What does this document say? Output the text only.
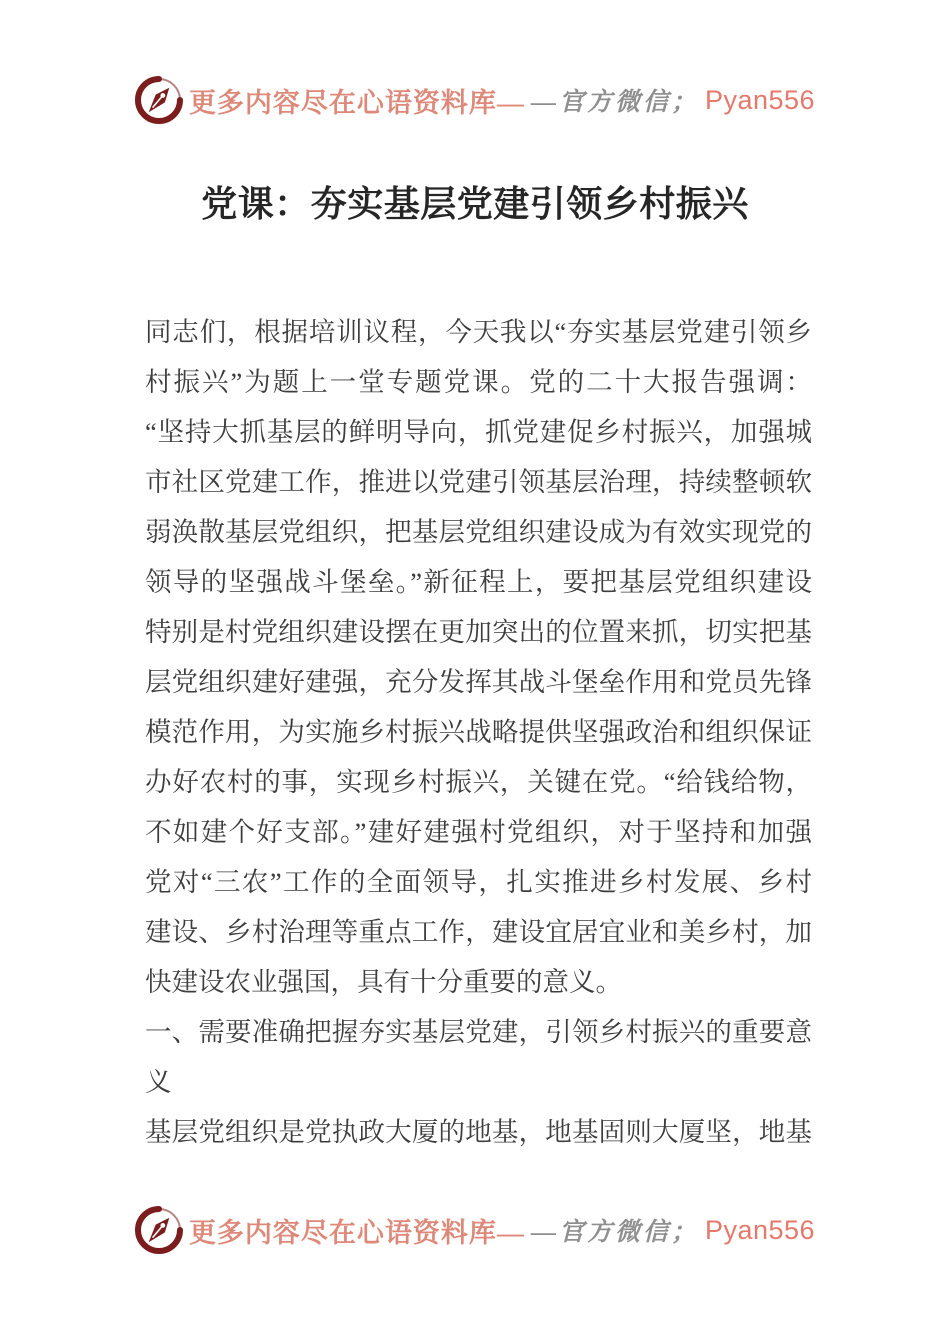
更多内容尽在心语资料库— —官方微信； Pyan556
党课：夯实基层党建引领乡村振兴
同志们，根据培训议程，今天我以“夯实基层党建引领乡
村振兴”为题上一堂专题党课。党的二十大报告强调：
“坚持大抓基层的鲜明导向，抓党建促乡村振兴，加强城
市社区党建工作，推进以党建引领基层治理，持续整顿软
弱涣散基层党组织，把基层党组织建设成为有效实现党的
领导的坚强战斗堡垒。”新征程上，要把基层党组织建设
特别是村党组织建设摆在更加突出的位置来抓，切实把基
层党组织建好建强，充分发挥其战斗堡垒作用和党员先锋
模范作用，为实施乡村振兴战略提供坚强政治和组织保证
办好农村的事，实现乡村振兴，关键在党。“给钱给物，
不如建个好支部。”建好建强村党组织，对于坚持和加强
党对“三农”工作的全面领导，扎实推进乡村发展、乡村
建设、乡村治理等重点工作，建设宜居宜业和美乡村，加
快建设农业强国，具有十分重要的意义。
一、需要准确把握夯实基层党建，引领乡村振兴的重要意
义
基层党组织是党执政大厦的地基，地基固则大厦坚，地基
更多内容尽在心语资料库— —官方微信； Pyan556
